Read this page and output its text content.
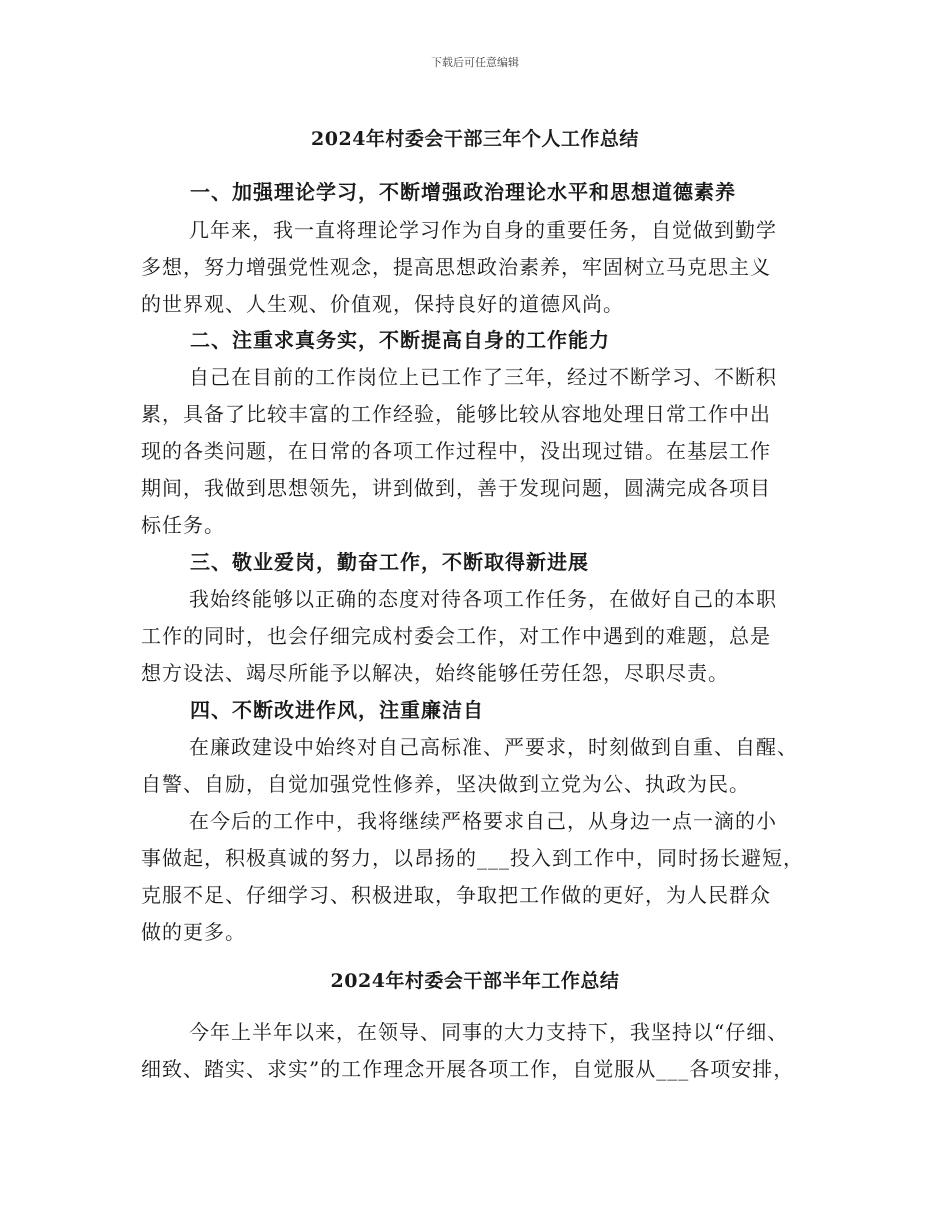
下载后可任意编辑
2024年村委会干部三年个人工作总结
一、加强理论学习，不断增强政治理论水平和思想道德素养
几年来，我一直将理论学习作为自身的重要任务，自觉做到勤学
多想，努力增强党性观念，提高思想政治素养，牢固树立马克思主义
的世界观、人生观、价值观，保持良好的道德风尚。
二、注重求真务实，不断提高自身的工作能力
自己在目前的工作岗位上已工作了三年，经过不断学习、不断积
累，具备了比较丰富的工作经验，能够比较从容地处理日常工作中出
现的各类问题，在日常的各项工作过程中，没出现过错。在基层工作
期间，我做到思想领先，讲到做到，善于发现问题，圆满完成各项目
标任务。
三、敬业爱岗，勤奋工作，不断取得新进展
我始终能够以正确的态度对待各项工作任务，在做好自己的本职
工作的同时，也会仔细完成村委会工作，对工作中遇到的难题，总是
想方设法、竭尽所能予以解决，始终能够任劳任怨，尽职尽责。
四、不断改进作风，注重廉洁自
在廉政建设中始终对自己高标准、严要求，时刻做到自重、自醒、
自警、自励，自觉加强党性修养，坚决做到立党为公、执政为民。
在今后的工作中，我将继续严格要求自己，从身边一点一滴的小
事做起，积极真诚的努力，以昂扬的___投入到工作中，同时扬长避短，
克服不足、仔细学习、积极进取，争取把工作做的更好，为人民群众
做的更多。
2024年村委会干部半年工作总结
今年上半年以来，在领导、同事的大力支持下，我坚持以“仔细、
细致、踏实、求实”的工作理念开展各项工作，自觉服从___各项安排，
